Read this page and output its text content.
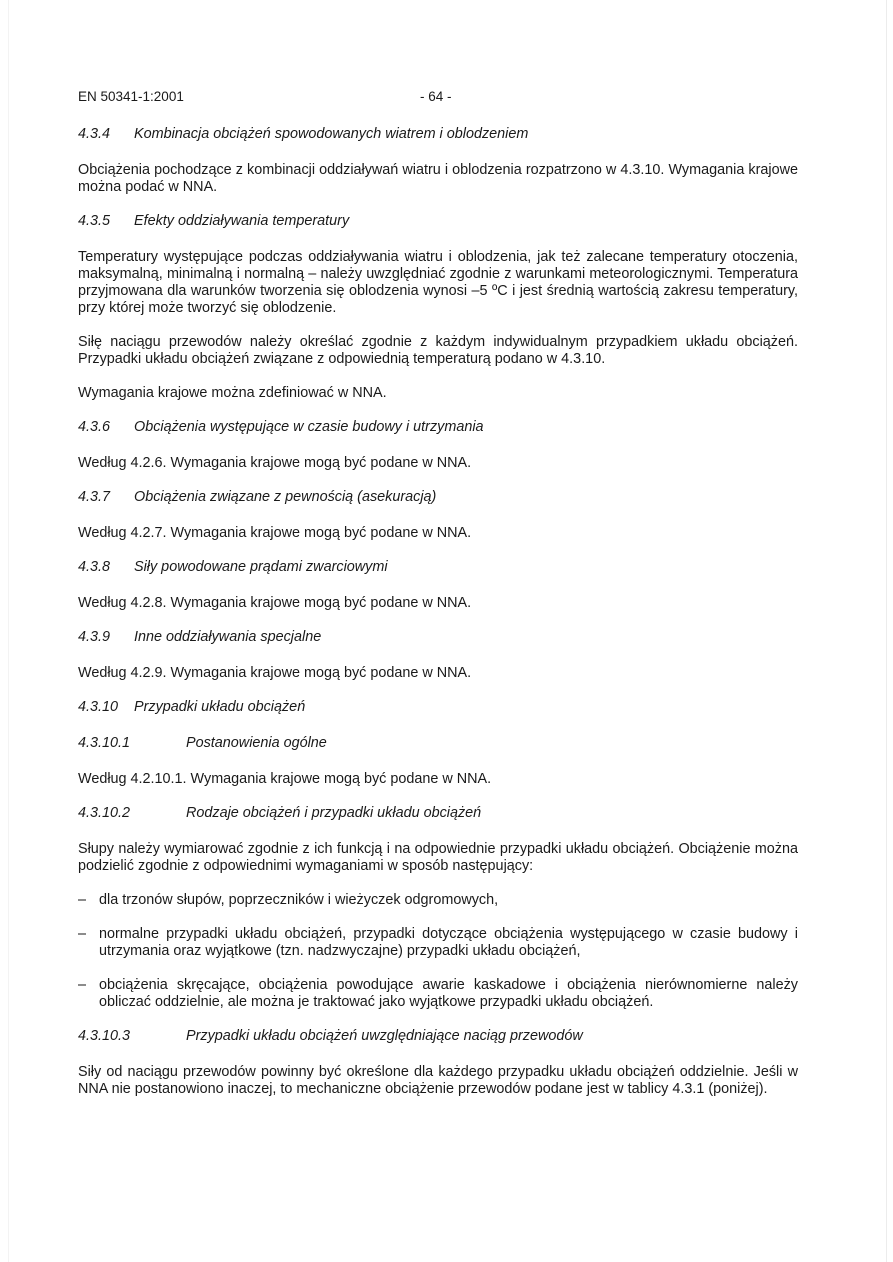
EN 50341-1:2001	- 64 -
4.3.4	Kombinacja obciążeń spowodowanych wiatrem i oblodzeniem
Obciążenia pochodzące z kombinacji oddziaływań wiatru i oblodzenia rozpatrzono w 4.3.10. Wymagania krajowe można podać w NNA.
4.3.5	Efekty oddziaływania temperatury
Temperatury występujące podczas oddziaływania wiatru i oblodzenia, jak też zalecane temperatury otoczenia, maksymalną, minimalną i normalną – należy uwzględniać zgodnie z warunkami meteorologicznymi. Temperatura przyjmowana dla warunków tworzenia się oblodzenia wynosi –5 ºC i jest średnią wartością zakresu temperatury, przy której może tworzyć się oblodzenie.
Siłę naciągu przewodów należy określać zgodnie z każdym indywidualnym przypadkiem układu obciążeń. Przypadki układu obciążeń związane z odpowiednią temperaturą podano w 4.3.10.
Wymagania krajowe można zdefiniować w NNA.
4.3.6	Obciążenia występujące w czasie budowy i utrzymania
Według 4.2.6. Wymagania krajowe mogą być podane w NNA.
4.3.7	Obciążenia związane z pewnością (asekuracją)
Według 4.2.7. Wymagania krajowe mogą być podane w NNA.
4.3.8	Siły powodowane prądami zwarciowymi
Według 4.2.8. Wymagania krajowe mogą być podane w NNA.
4.3.9	Inne oddziaływania specjalne
Według 4.2.9. Wymagania krajowe mogą być podane w NNA.
4.3.10	Przypadki układu obciążeń
4.3.10.1	Postanowienia ogólne
Według 4.2.10.1. Wymagania krajowe mogą być podane w NNA.
4.3.10.2	Rodzaje obciążeń i przypadki układu obciążeń
Słupy należy wymiarować zgodnie z ich funkcją i na odpowiednie przypadki układu obciążeń. Obciążenie można podzielić zgodnie z odpowiednimi wymaganiami w sposób następujący:
– dla trzonów słupów, poprzeczników i wieżyczek odgromowych,
– normalne przypadki układu obciążeń, przypadki dotyczące obciążenia występującego w czasie budowy i utrzymania oraz wyjątkowe (tzn. nadzwyczajne) przypadki układu obciążeń,
– obciążenia skręcające, obciążenia powodujące awarie kaskadowe i obciążenia nierównomierne należy obliczać oddzielnie, ale można je traktować jako wyjątkowe przypadki układu obciążeń.
4.3.10.3	Przypadki układu obciążeń uwzględniające naciąg przewodów
Siły od naciągu przewodów powinny być określone dla każdego przypadku układu obciążeń oddzielnie. Jeśli w NNA nie postanowiono inaczej, to mechaniczne obciążenie przewodów podane jest w tablicy 4.3.1 (poniżej).
